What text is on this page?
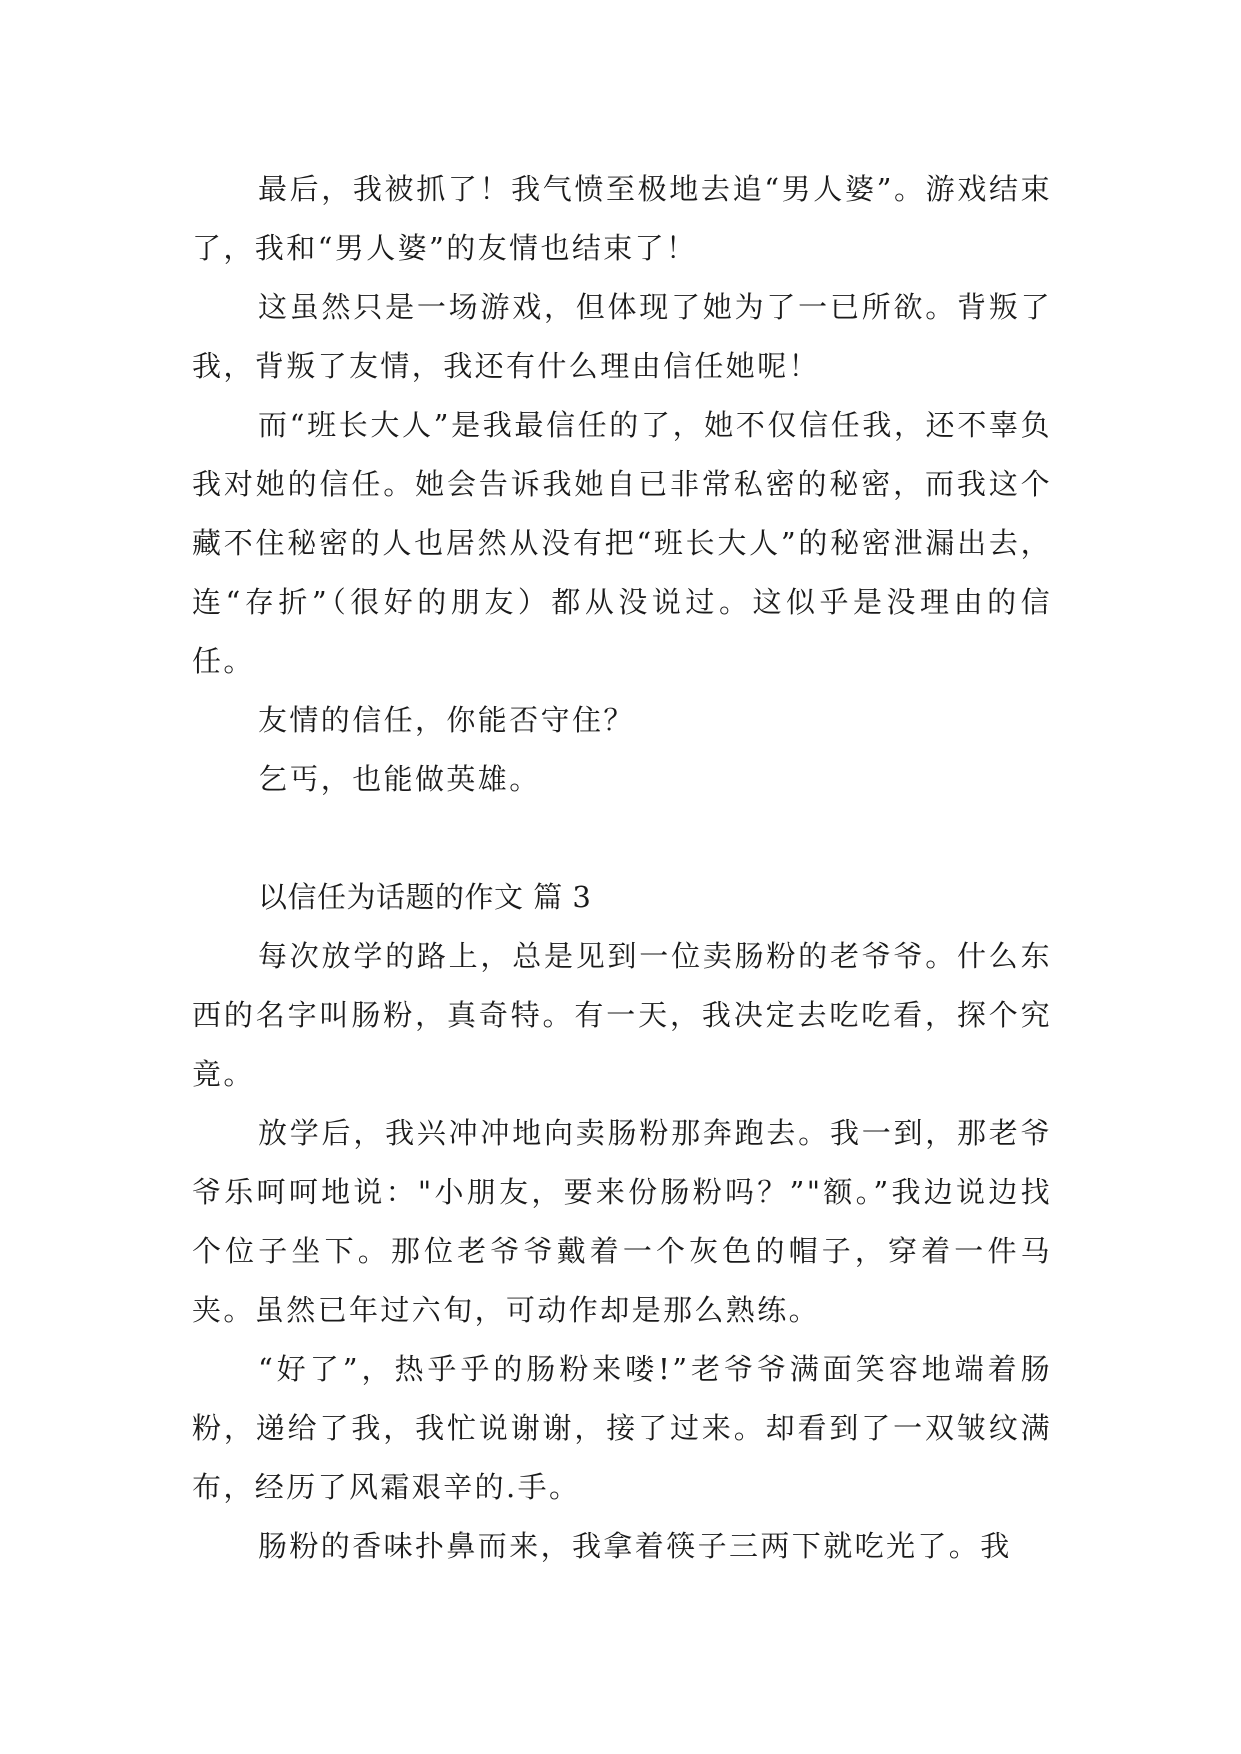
最后，我被抓了！我气愤至极地去追“男人婆”。游戏结束了，我和“男人婆”的友情也结束了！

这虽然只是一场游戏，但体现了她为了一已所欲。背叛了我，背叛了友情，我还有什么理由信任她呢！

而“班长大人”是我最信任的了，她不仅信任我，还不辜负我对她的信任。她会告诉我她自已非常私密的秘密，而我这个藏不住秘密的人也居然从没有把“班长大人”的秘密泄漏出去，连“存折”（很好的朋友）都从没说过。这似乎是没理由的信任。

友情的信任，你能否守住？

乞丐，也能做英雄。

以信任为话题的作文 篇 3

每次放学的路上，总是见到一位卖肠粉的老爷爷。什么东西的名字叫肠粉，真奇特。有一天，我决定去吃吃看，探个究竟。

放学后，我兴冲冲地向卖肠粉那奔跑去。我一到，那老爷爷乐呵呵地说："小朋友，要来份肠粉吗？”"额。”我边说边找个位子坐下。那位老爷爷戴着一个灰色的帽子，穿着一件马夹。虽然已年过六旬，可动作却是那么熟练。

“好了”，热乎乎的肠粉来喽!”老爷爷满面笑容地端着肠粉，递给了我，我忙说谢谢，接了过来。却看到了一双皱纹满布，经历了风霜艰辛的.手。

肠粉的香味扑鼻而来，我拿着筷子三两下就吃光了。我
